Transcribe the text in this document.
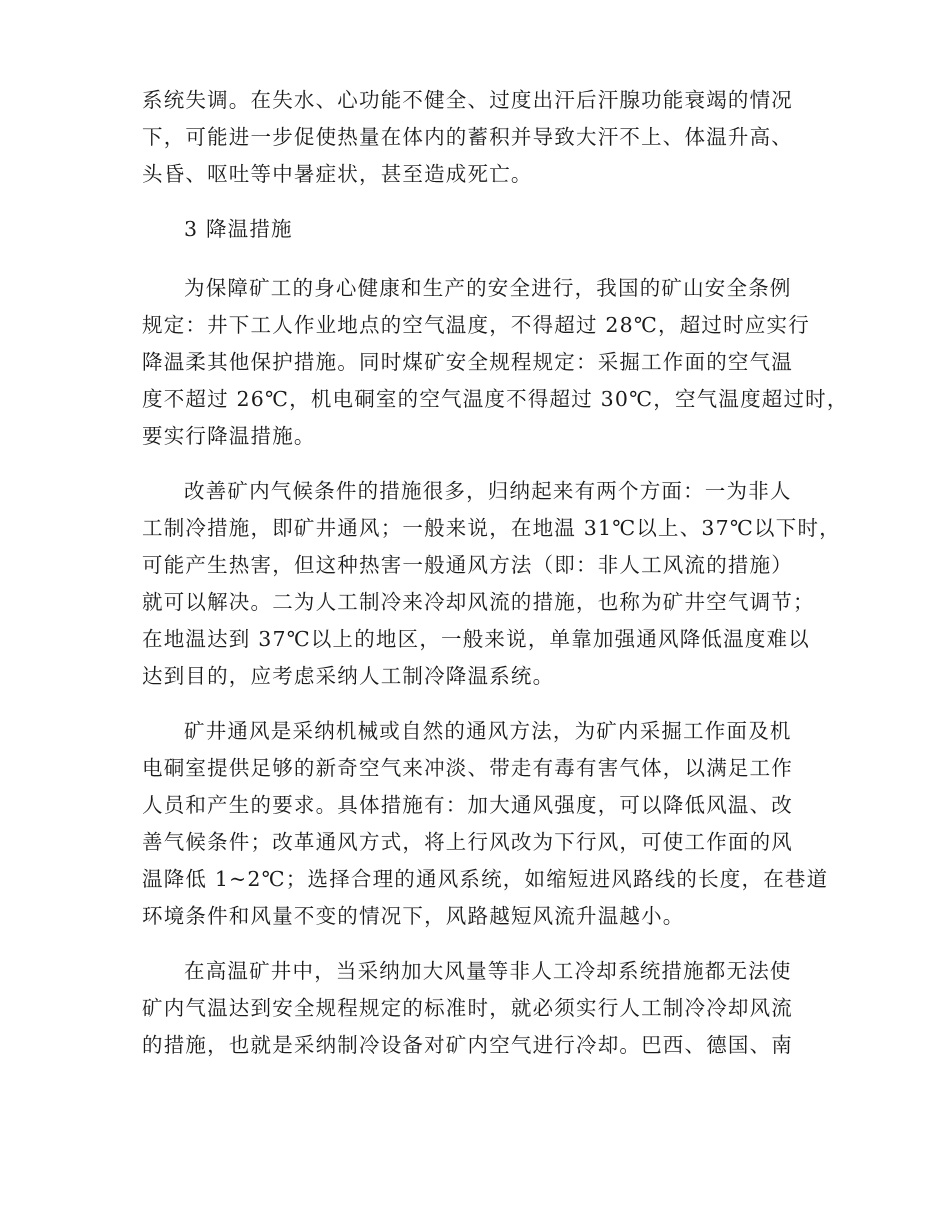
系统失调。在失水、心功能不健全、过度出汗后汗腺功能衰竭的情况
下，可能进一步促使热量在体内的蓄积并导致大汗不上、体温升高、
头昏、呕吐等中暑症状，甚至造成死亡。
3 降温措施
为保障矿工的身心健康和生产的安全进行，我国的矿山安全条例
规定：井下工人作业地点的空气温度，不得超过 28℃，超过时应实行
降温柔其他保护措施。同时煤矿安全规程规定：采掘工作面的空气温
度不超过 26℃，机电硐室的空气温度不得超过 30℃，空气温度超过时，
要实行降温措施。
改善矿内气候条件的措施很多，归纳起来有两个方面：一为非人
工制冷措施，即矿井通风；一般来说，在地温 31℃以上、37℃以下时，
可能产生热害，但这种热害一般通风方法（即：非人工风流的措施）
就可以解决。二为人工制冷来冷却风流的措施，也称为矿井空气调节；
在地温达到 37℃以上的地区，一般来说，单靠加强通风降低温度难以
达到目的，应考虑采纳人工制冷降温系统。
矿井通风是采纳机械或自然的通风方法，为矿内采掘工作面及机
电硐室提供足够的新奇空气来冲淡、带走有毒有害气体，以满足工作
人员和产生的要求。具体措施有：加大通风强度，可以降低风温、改
善气候条件；改革通风方式，将上行风改为下行风，可使工作面的风
温降低 1~2℃；选择合理的通风系统，如缩短进风路线的长度，在巷道
环境条件和风量不变的情况下，风路越短风流升温越小。
在高温矿井中，当采纳加大风量等非人工冷却系统措施都无法使
矿内气温达到安全规程规定的标准时，就必须实行人工制冷冷却风流
的措施，也就是采纳制冷设备对矿内空气进行冷却。巴西、德国、南
